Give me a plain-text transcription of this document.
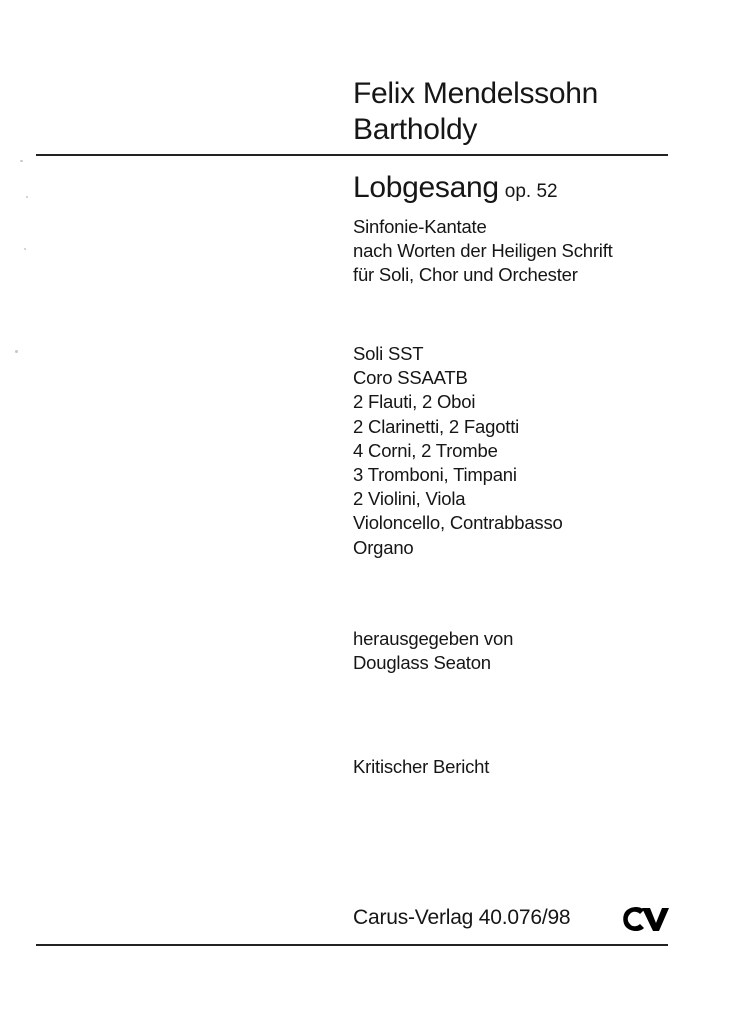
Felix Mendelssohn
Bartholdy
Lobgesang op. 52
Sinfonie-Kantate
nach Worten der Heiligen Schrift
für Soli, Chor und Orchester
Soli SST
Coro SSAATB
2 Flauti, 2 Oboi
2 Clarinetti, 2 Fagotti
4 Corni, 2 Trombe
3 Tromboni, Timpani
2 Violini, Viola
Violoncello, Contrabbasso
Organo
herausgegeben von
Douglass Seaton
Kritischer Bericht
Carus-Verlag 40.076/98
